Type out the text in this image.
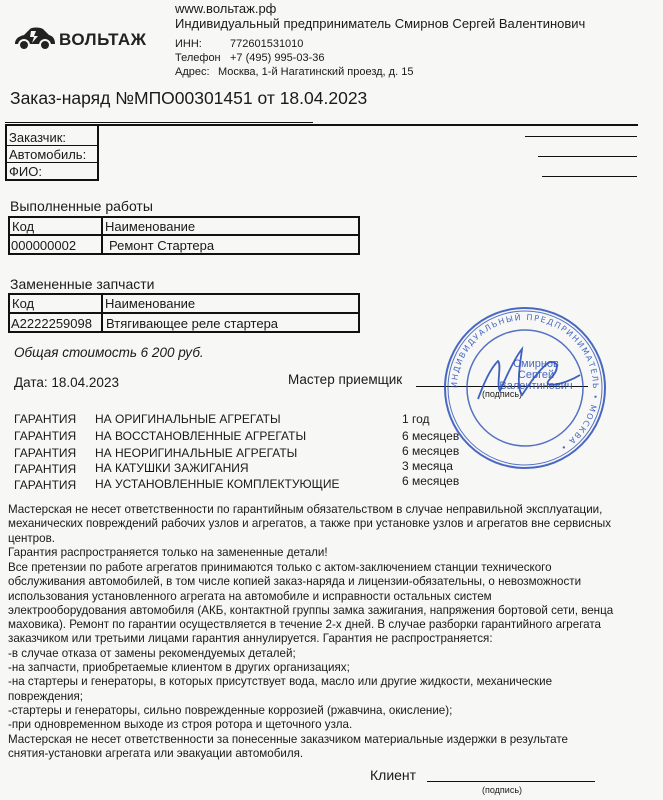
ВОЛЬТАЖ
www.вольтаж.рф
Индивидуальный предприниматель Смирнов Сергей Валентинович
ИНН:	772601531010
Телефон +7 (495) 995-03-36
Адрес: Москва, 1-й Нагатинский проезд, д. 15
Заказ-наряд №МПО00301451 от 18.04.2023
Заказчик:
Автомобиль:
ФИО:
Выполненные работы
Код	Наименование
000000002	Ремонт Стартера
Замененные запчасти
Код	Наименование
A2222259098 Втягивающее реле стартера
Общая стоимость 6 200 руб.
Дата: 18.04.2023	Мастер приемщик
(подпись)
ИНДИВИДУАЛЬНЫЙ ПРЕДПРИНИМАТЕЛЬ • МОСКВА •
Смирнов
Сергей
Валентинович
ГАРАНТИЯ НА ОРИГИНАЛЬНЫЕ АГРЕГАТЫ	1 год
ГАРАНТИЯ НА ВОССТАНОВЛЕННЫЕ АГРЕГАТЫ	6 месяцев
ГАРАНТИЯ НА НЕОРИГИНАЛЬНЫЕ АГРЕГАТЫ	6 месяцев
ГАРАНТИЯ НА КАТУШКИ ЗАЖИГАНИЯ	3 месяца
ГАРАНТИЯ НА УСТАНОВЛЕННЫЕ КОМПЛЕКТУЮЩИЕ	6 месяцев
Мастерская не несет ответственности по гарантийным обязательством в случае неправильной эксплуатации,
механических повреждений рабочих узлов и агрегатов, а также при установке узлов и агрегатов вне сервисных
центров.
Гарантия распространяется только на замененные детали!
Все претензии по работе агрегатов принимаются только с актом-заключением станции технического
обслуживания автомобилей, в том числе копией заказ-наряда и лицензии-обязательны, о невозможности
использования установленного агрегата на автомобиле и исправности остальных систем
электрооборудования автомобиля (АКБ, контактной группы замка зажигания, напряжения бортовой сети, венца
маховика). Ремонт по гарантии осуществляется в течение 2-х дней. В случае разборки гарантийного агрегата
заказчиком или третьими лицами гарантия аннулируется. Гарантия не распространяется:
-в случае отказа от замены рекомендуемых деталей;
-на запчасти, приобретаемые клиентом в других организациях;
-на стартеры и генераторы, в которых присутствует вода, масло или другие жидкости, механические
повреждения;
-стартеры и генераторы, сильно поврежденные коррозией (ржавчина, окисление);
-при одновременном выходе из строя ротора и щеточного узла.
Мастерская не несет ответственности за понесенные заказчиком материальные издержки в результате
снятия-установки агрегата или эвакуации автомобиля.
Клиент
(подпись)
